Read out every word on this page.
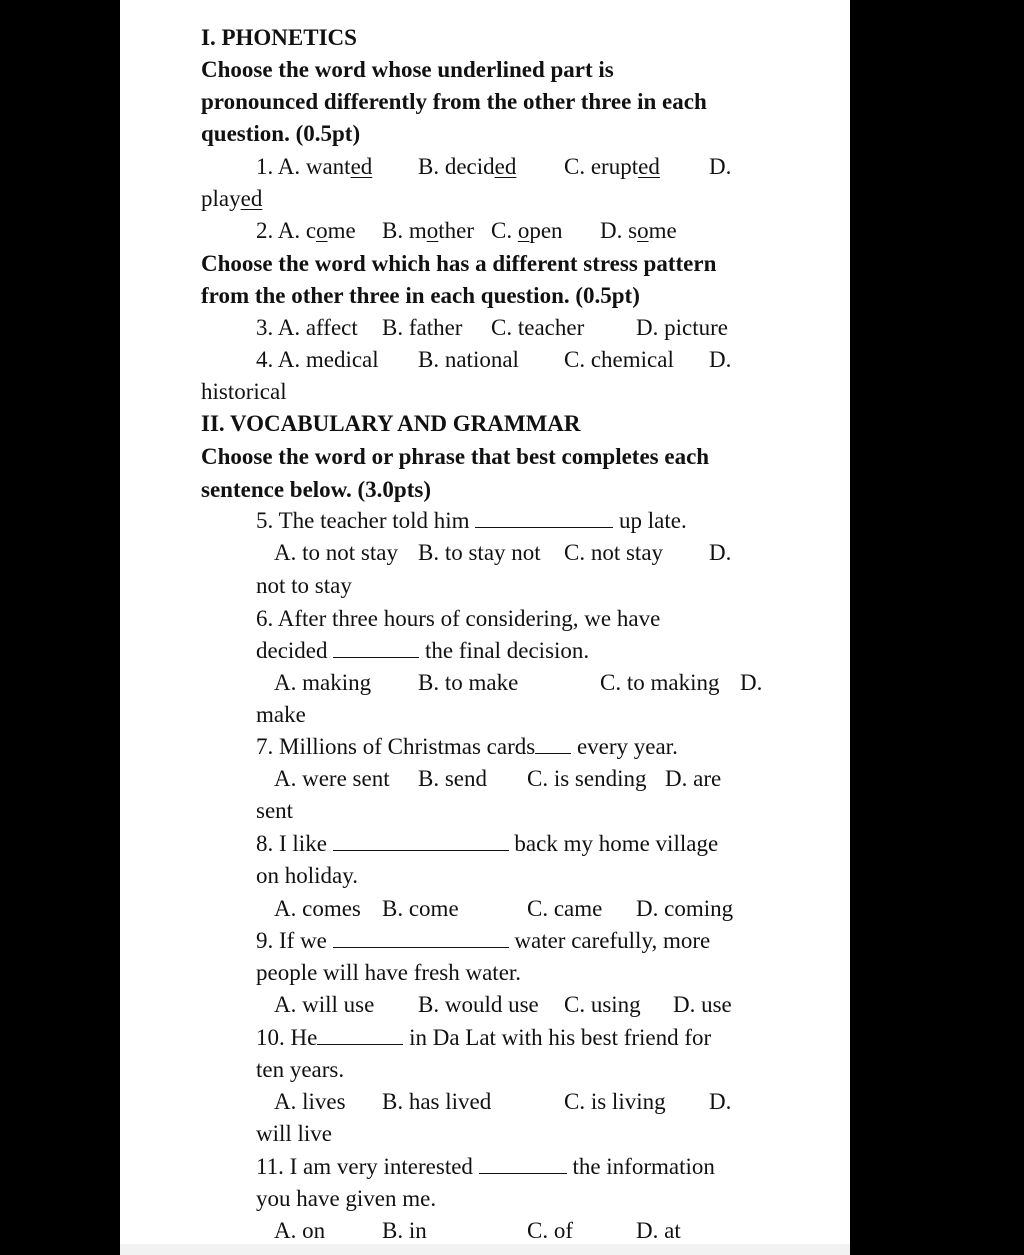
I. PHONETICS
Choose the word whose underlined part is
pronounced differently from the other three in each
question. (0.5pt)
1. A. wanted B. decided C. erupted D.
played
2. A. come B. mother C. open D. some
Choose the word which has a different stress pattern
from the other three in each question. (0.5pt)
3. A. affect B. father C. teacher D. picture
4. A. medical B. national C. chemical D.
historical
II. VOCABULARY AND GRAMMAR
Choose the word or phrase that best completes each
sentence below. (3.0pts)
5. The teacher told him	up late.
A. to not stay B. to stay not C. not stay D.
not to stay
6. After three hours of considering, we have
decided	the final decision.
A. making B. to make	C. to making D.
make
7. Millions of Christmas cards every year.
A. were sent B. send C. is sending D. are
sent
8. I like	back my home village
on holiday.
A. comes B. come	C. came D. coming
9. If we	water carefully, more
people will have fresh water.
A. will use B. would use C. using D. use
10. He	in Da Lat with his best friend for
ten years.
A. lives B. has lived	C. is living D.
will live
11. I am very interested	the information
you have given me.
A. on B. in	C. of	D. at
